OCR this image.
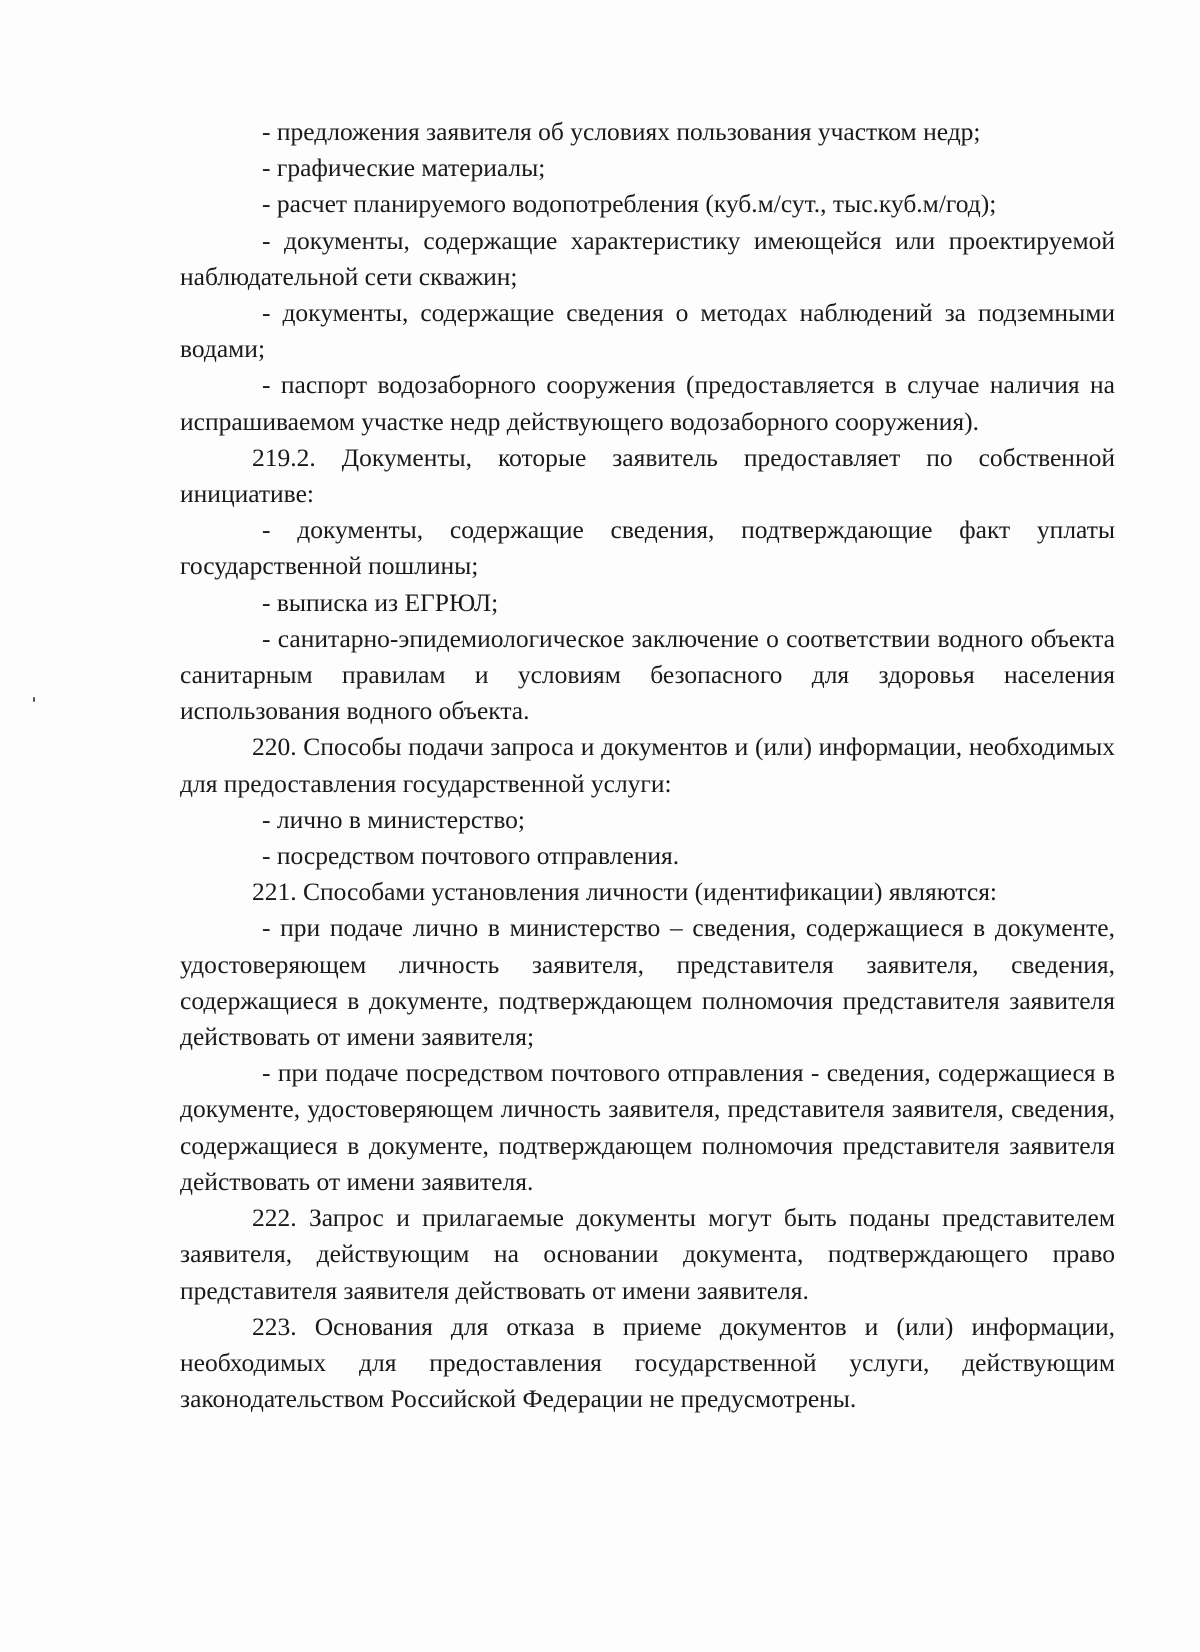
- предложения заявителя об условиях пользования участком недр;

- графические материалы;

- расчет планируемого водопотребления (куб.м/сут., тыс.куб.м/год);

- документы, содержащие характеристику имеющейся или проектируемой наблюдательной сети скважин;

- документы, содержащие сведения о методах наблюдений за подземными водами;

- паспорт водозаборного сооружения (предоставляется в случае наличия на испрашиваемом участке недр действующего водозаборного сооружения).

219.2. Документы, которые заявитель предоставляет по собственной инициативе:

- документы, содержащие сведения, подтверждающие факт уплаты государственной пошлины;

- выписка из ЕГРЮЛ;

- санитарно-эпидемиологическое заключение о соответствии водного объекта санитарным правилам и условиям безопасного для здоровья населения использования водного объекта.

220. Способы подачи запроса и документов и (или) информации, необходимых для предоставления государственной услуги:

- лично в министерство;

- посредством почтового отправления.

221. Способами установления личности (идентификации) являются:

- при подаче лично в министерство – сведения, содержащиеся в документе, удостоверяющем личность заявителя, представителя заявителя, сведения, содержащиеся в документе, подтверждающем полномочия представителя заявителя действовать от имени заявителя;

- при подаче посредством почтового отправления - сведения, содержащиеся в документе, удостоверяющем личность заявителя, представителя заявителя, сведения, содержащиеся в документе, подтверждающем полномочия представителя заявителя действовать от имени заявителя.

222. Запрос и прилагаемые документы могут быть поданы представителем заявителя, действующим на основании документа, подтверждающего право представителя заявителя действовать от имени заявителя.

223. Основания для отказа в приеме документов и (или) информации, необходимых для предоставления государственной услуги, действующим законодательством Российской Федерации не предусмотрены.
